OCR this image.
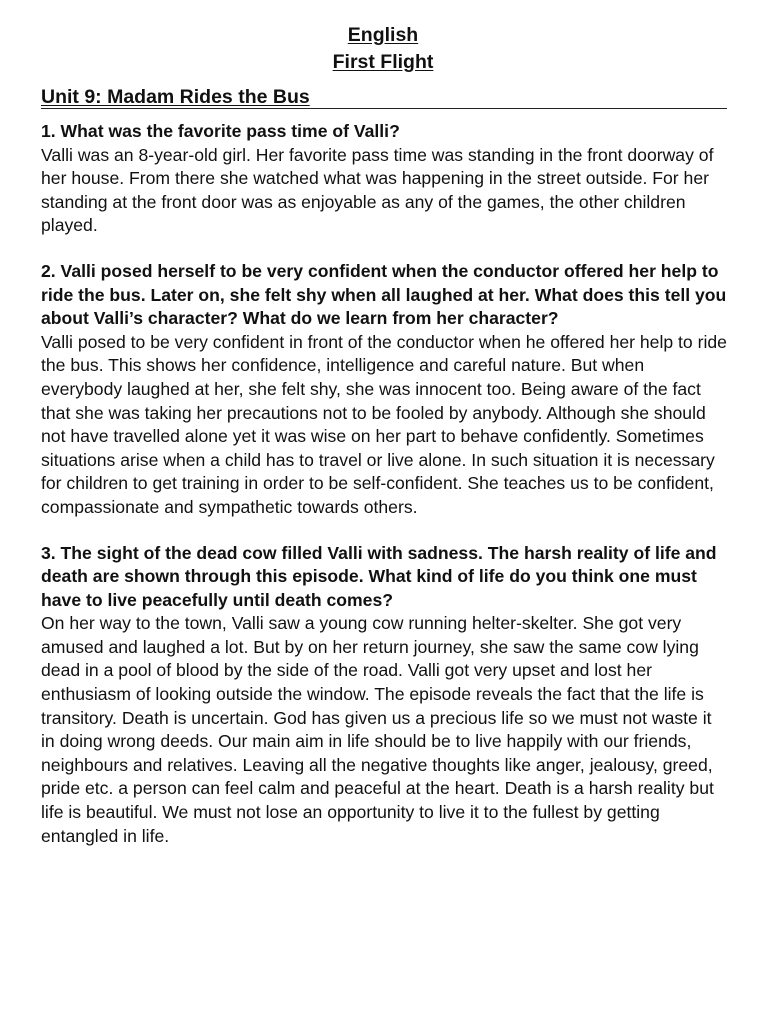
English
First Flight
Unit 9: Madam Rides the Bus

1. What was the favorite pass time of Valli?

Valli was an 8-year-old girl. Her favorite pass time was standing in the front doorway of her house. From there she watched what was happening in the street outside. For her standing at the front door was as enjoyable as any of the games, the other children played.

2. Valli posed herself to be very confident when the conductor offered her help to ride the bus. Later on, she felt shy when all laughed at her. What does this tell you about Valli’s character? What do we learn from her character?

Valli posed to be very confident in front of the conductor when he offered her help to ride the bus. This shows her confidence, intelligence and careful nature. But when everybody laughed at her, she felt shy, she was innocent too. Being aware of the fact that she was taking her precautions not to be fooled by anybody. Although she should not have travelled alone yet it was wise on her part to behave confidently. Sometimes situations arise when a child has to travel or live alone. In such situation it is necessary for children to get training in order to be self-confident. She teaches us to be confident, compassionate and sympathetic towards others.

3. The sight of the dead cow filled Valli with sadness. The harsh reality of life and death are shown through this episode. What kind of life do you think one must have to live peacefully until death comes?

On her way to the town, Valli saw a young cow running helter-skelter. She got very amused and laughed a lot. But by on her return journey, she saw the same cow lying dead in a pool of blood by the side of the road. Valli got very upset and lost her enthusiasm of looking outside the window. The episode reveals the fact that the life is transitory. Death is uncertain. God has given us a precious life so we must not waste it in doing wrong deeds. Our main aim in life should be to live happily with our friends, neighbours and relatives. Leaving all the negative thoughts like anger, jealousy, greed, pride etc. a person can feel calm and peaceful at the heart. Death is a harsh reality but life is beautiful. We must not lose an opportunity to live it to the fullest by getting entangled in life.
